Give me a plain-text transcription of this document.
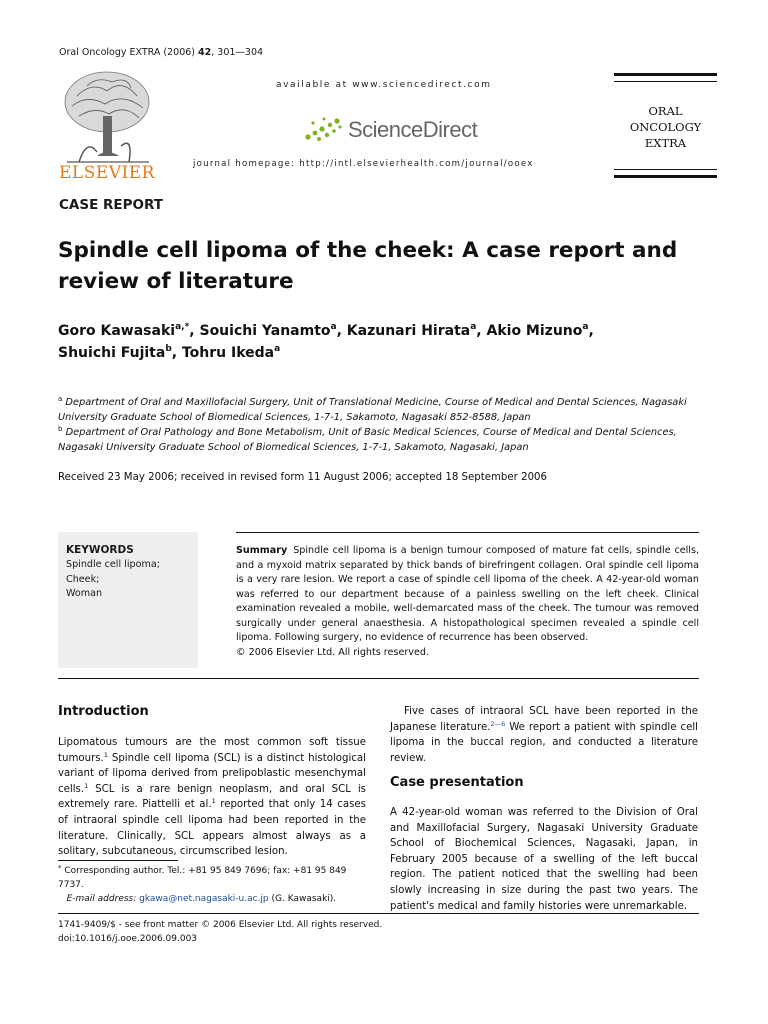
Oral Oncology EXTRA (2006) 42, 301—304
ELSEVIER
available at www.sciencedirect.com
ScienceDirect
journal homepage: http://intl.elsevierhealth.com/journal/ooex
ORAL
ONCOLOGY
EXTRA
CASE REPORT
Spindle cell lipoma of the cheek: A case report and review of literature
Goro Kawasaki$^{a,*}$, Souichi Yanamto$^a$, Kazunari Hirata$^a$, Akio Mizuno$^a$,
Shuichi Fujita$^b$, Tohru Ikeda$^a$
$^a$ Department of Oral and Maxillofacial Surgery, Unit of Translational Medicine, Course of Medical and Dental Sciences, Nagasaki University Graduate School of Biomedical Sciences, 1-7-1, Sakamoto, Nagasaki 852-8588, Japan
$^b$ Department of Oral Pathology and Bone Metabolism, Unit of Basic Medical Sciences, Course of Medical and Dental Sciences, Nagasaki University Graduate School of Biomedical Sciences, 1-7-1, Sakamoto, Nagasaki, Japan
Received 23 May 2006; received in revised form 11 August 2006; accepted 18 September 2006
KEYWORDS
Spindle cell lipoma;
Cheek;
Woman
Summary Spindle cell lipoma is a benign tumour composed of mature fat cells, spindle cells, and a myxoid matrix separated by thick bands of birefringent collagen. Oral spindle cell lipoma is a very rare lesion. We report a case of spindle cell lipoma of the cheek. A 42-year-old woman was referred to our department because of a painless swelling on the left cheek. Clinical examination revealed a mobile, well-demarcated mass of the cheek. The tumour was removed surgically under general anaesthesia. A histopathological specimen revealed a spindle cell lipoma. Following surgery, no evidence of recurrence has been observed.
© 2006 Elsevier Ltd. All rights reserved.
Introduction
Lipomatous tumours are the most common soft tissue tumours.$^1$ Spindle cell lipoma (SCL) is a distinct histological variant of lipoma derived from prelipoblastic mesenchymal cells.$^1$ SCL is a rare benign neoplasm, and oral SCL is extremely rare. Piattelli et al.$^1$ reported that only 14 cases of intraoral spindle cell lipoma had been reported in the literature. Clinically, SCL appears almost always as a solitary, subcutaneous, circumscribed lesion.
* Corresponding author. Tel.: +81 95 849 7696; fax: +81 95 849 7737.
E-mail address: gkawa@net.nagasaki-u.ac.jp (G. Kawasaki).
Five cases of intraoral SCL have been reported in the Japanese literature.$^{2—6}$ We report a patient with spindle cell lipoma in the buccal region, and conducted a literature review.
Case presentation
A 42-year-old woman was referred to the Division of Oral and Maxillofacial Surgery, Nagasaki University Graduate School of Biochemical Sciences, Nagasaki, Japan, in February 2005 because of a swelling of the left buccal region. The patient noticed that the swelling had been slowly increasing in size during the past two years. The patient's medical and family histories were unremarkable.
1741-9409/$ - see front matter © 2006 Elsevier Ltd. All rights reserved.
doi:10.1016/j.ooe.2006.09.003
